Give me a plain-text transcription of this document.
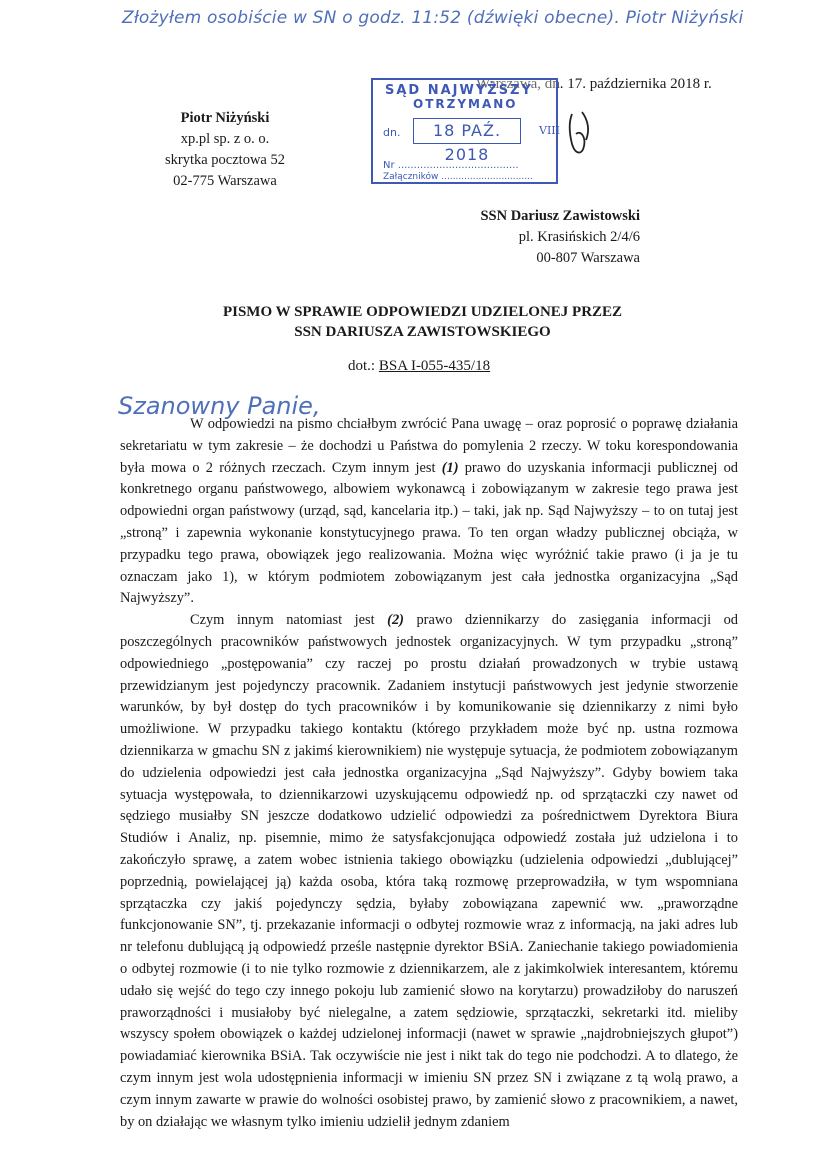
Złożyłem osobiście w SN o godz. 11:52 (dźwięki obecne). Piotr Niżyński
Warszawa, dn. 17. października 2018 r.
Piotr Niżyński
xp.pl sp. z o. o.
skrytka pocztowa 52
02-775 Warszawa
SĄD NAJWYŻSZY
OTRZYMANO
dn.	18 PAŹ. 2018
VIII
Nr ......................................
Załączników ................................
SSN Dariusz Zawistowski
pl. Krasińskich 2/4/6
00-807 Warszawa
PISMO W SPRAWIE ODPOWIEDZI UDZIELONEJ PRZEZ
SSN DARIUSZA ZAWISTOWSKIEGO
dot.: BSA I-055-435/18
Szanowny Panie,

W odpowiedzi na pismo chciałbym zwrócić Pana uwagę – oraz poprosić o poprawę działania sekretariatu w tym zakresie – że dochodzi u Państwa do pomylenia 2 rzeczy. W toku korespondowania była mowa o 2 różnych rzeczach. Czym innym jest (1) prawo do uzyskania informacji publicznej od konkretnego organu państwowego, albowiem wykonawcą i zobowiązanym w zakresie tego prawa jest odpowiedni organ państwowy (urząd, sąd, kancelaria itp.) – taki, jak np. Sąd Najwyższy – to on tutaj jest „stroną” i zapewnia wykonanie konstytucyjnego prawa. To ten organ władzy publicznej obciąża, w przypadku tego prawa, obowiązek jego realizowania. Można więc wyróżnić takie prawo (i ja je tu oznaczam jako 1), w którym podmiotem zobowiązanym jest cała jednostka organizacyjna „Sąd Najwyższy”.

Czym innym natomiast jest (2) prawo dziennikarzy do zasięgania informacji od poszczególnych pracowników państwowych jednostek organizacyjnych. W tym przypadku „stroną” odpowiedniego „postępowania” czy raczej po prostu działań prowadzonych w trybie ustawą przewidzianym jest pojedynczy pracownik. Zadaniem instytucji państwowych jest jedynie stworzenie warunków, by był dostęp do tych pracowników i by komunikowanie się dziennikarzy z nimi było umożliwione. W przypadku takiego kontaktu (którego przykładem może być np. ustna rozmowa dziennikarza w gmachu SN z jakimś kierownikiem) nie występuje sytuacja, że podmiotem zobowiązanym do udzielenia odpowiedzi jest cała jednostka organizacyjna „Sąd Najwyższy”. Gdyby bowiem taka sytuacja występowała, to dziennikarzowi uzyskującemu odpowiedź np. od sprzątaczki czy nawet od sędziego musiałby SN jeszcze dodatkowo udzielić odpowiedzi za pośrednictwem Dyrektora Biura Studiów i Analiz, np. pisemnie, mimo że satysfakcjonująca odpowiedź została już udzielona i to zakończyło sprawę, a zatem wobec istnienia takiego obowiązku (udzielenia odpowiedzi „dublującej” poprzednią, powielającej ją) każda osoba, która taką rozmowę przeprowadziła, w tym wspomniana sprzątaczka czy jakiś pojedynczy sędzia, byłaby zobowiązana zapewnić ww. „praworządne funkcjonowanie SN”, tj. przekazanie informacji o odbytej rozmowie wraz z informacją, na jaki adres lub nr telefonu dublującą ją odpowiedź prześle następnie dyrektor BSiA. Zaniechanie takiego powiadomienia o odbytej rozmowie (i to nie tylko rozmowie z dziennikarzem, ale z jakimkolwiek interesantem, któremu udało się wejść do tego czy innego pokoju lub zamienić słowo na korytarzu) prowadziłoby do naruszeń praworządności i musiałoby być nielegalne, a zatem sędziowie, sprzątaczki, sekretarki itd. mieliby wszyscy społem obowiązek o każdej udzielonej informacji (nawet w sprawie „najdrobniejszych głupot”) powiadamiać kierownika BSiA. Tak oczywiście nie jest i nikt tak do tego nie podchodzi. A to dlatego, że czym innym jest wola udostępnienia informacji w imieniu SN przez SN i związane z tą wolą prawo, a czym innym zawarte w prawie do wolności osobistej prawo, by zamienić słowo z pracownikiem, a nawet, by on działając we własnym tylko imieniu udzielił jednym zdaniem
